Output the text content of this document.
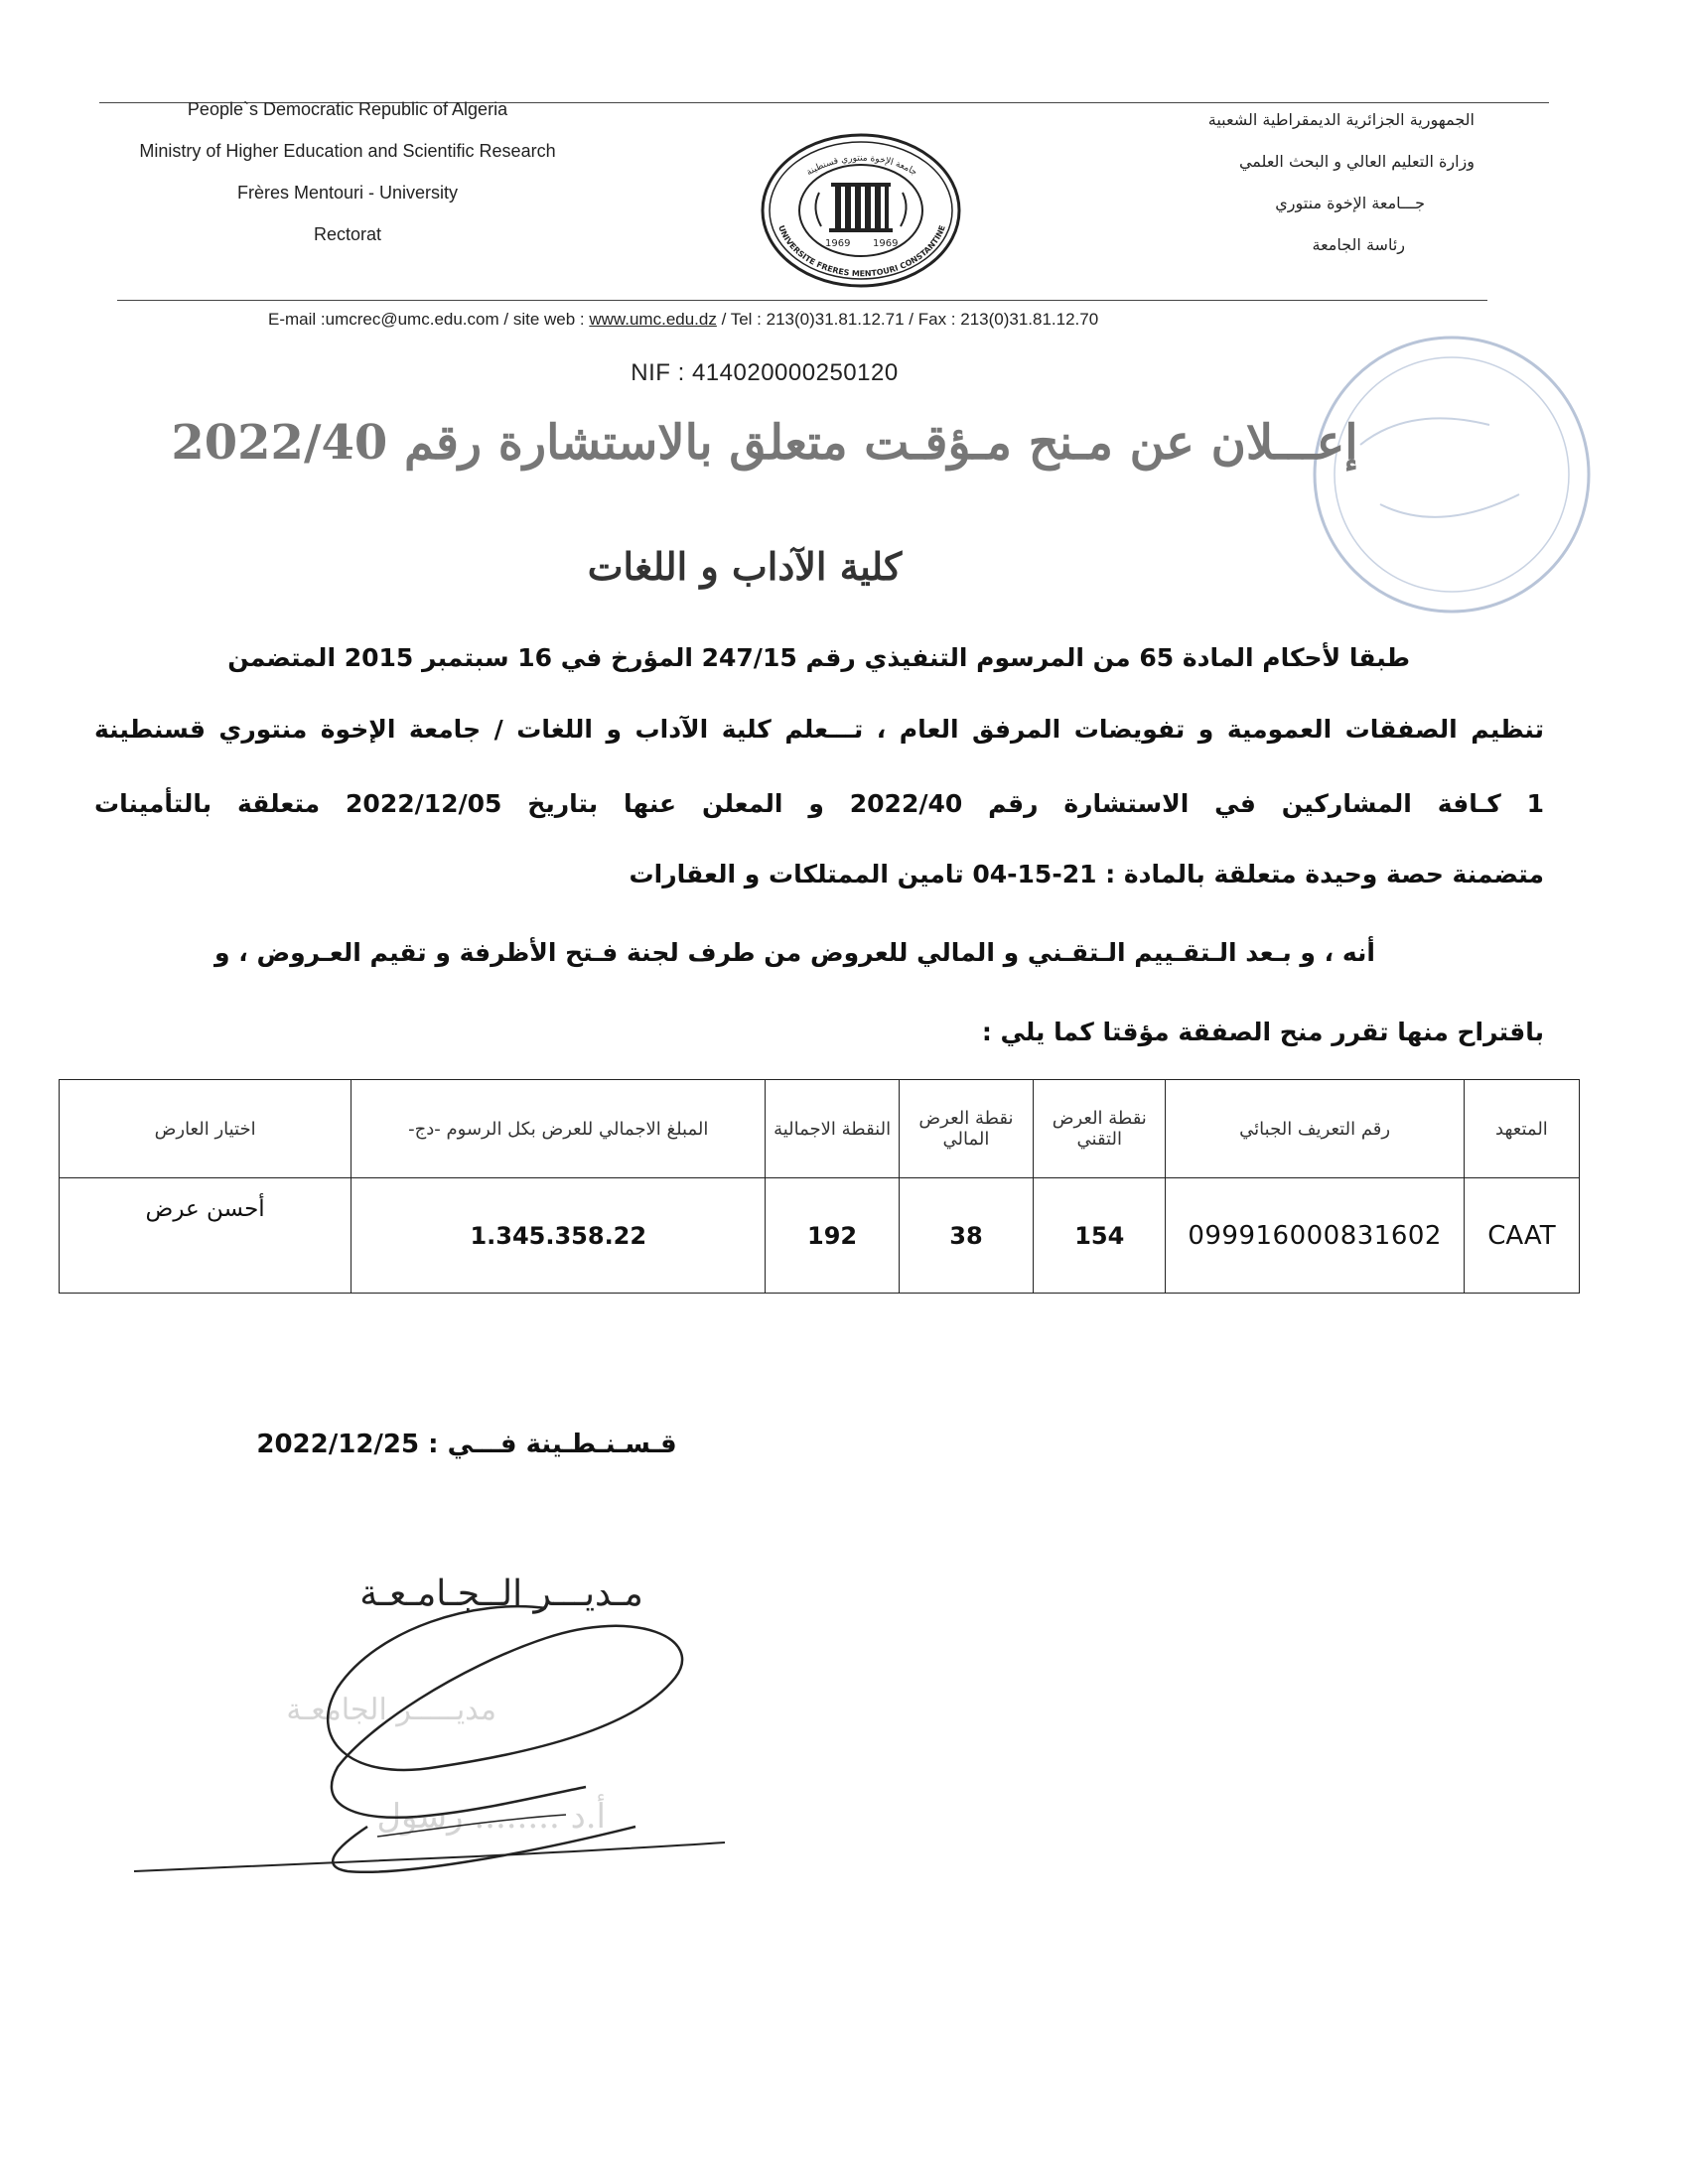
People`s Democratic Republic of Algeria
Ministry of Higher Education and Scientific Research
Frères Mentouri - University
Rectorat
الجمهورية الجزائرية الديمقراطية الشعبية
وزارة التعليم العالي و البحث العلمي
جـــامعة الإخوة منتوري
رئاسة الجامعة
جامعة الإخوة منتوري قسنطينة
UNIVERSITE FRERES MENTOURI CONSTANTINE
1969 1969
E-mail :umcrec@umc.edu.com / site web : www.umc.edu.dz / Tel : 213(0)31.81.12.71 / Fax : 213(0)31.81.12.70
NIF : 414020000250120
إعـــلان عن مـنح مـؤقـت متعلق بالاستشارة رقم 2022/40
كلية الآداب و اللغات
طبقا لأحكام المادة 65 من المرسوم التنفيذي رقم 247/15 المؤرخ في 16 سبتمبر 2015 المتضمن
تنظيم الصفقات العمومية و تفويضات المرفق العام ، تـــعلم كلية الآداب و اللغات / جامعة الإخوة منتوري قسنطينة
1 كـافة المشاركين في الاستشارة رقم 2022/40 و المعلن عنها بتاريخ 2022/12/05 متعلقة بالتأمينات
متضمنة حصة وحيدة متعلقة بالمادة : 21-15-04 تامين الممتلكات و العقارات
أنه ، و بـعد الـتقـييم الـتقـني و المالي للعروض من طرف لجنة فـتح الأظرفة و تقيم العـروض ، و
باقتراح منها تقرر منح الصفقة مؤقتا كما يلي :
اختيار العارض	المبلغ الاجمالي للعرض بكل الرسوم -دج-	النقطة الاجمالية	نقطة العرض المالي	نقطة العرض التقني	رقم التعريف الجبائي	المتعهد
أحسن عرض	1.345.358.22	192	38	154	099916000831602	CAAT
قـسـنـطـينة فـــي : 2022/12/25
مـديـــر الــجـامـعـة
مديـــــر الجامعـة
أ.د ........ رسول
